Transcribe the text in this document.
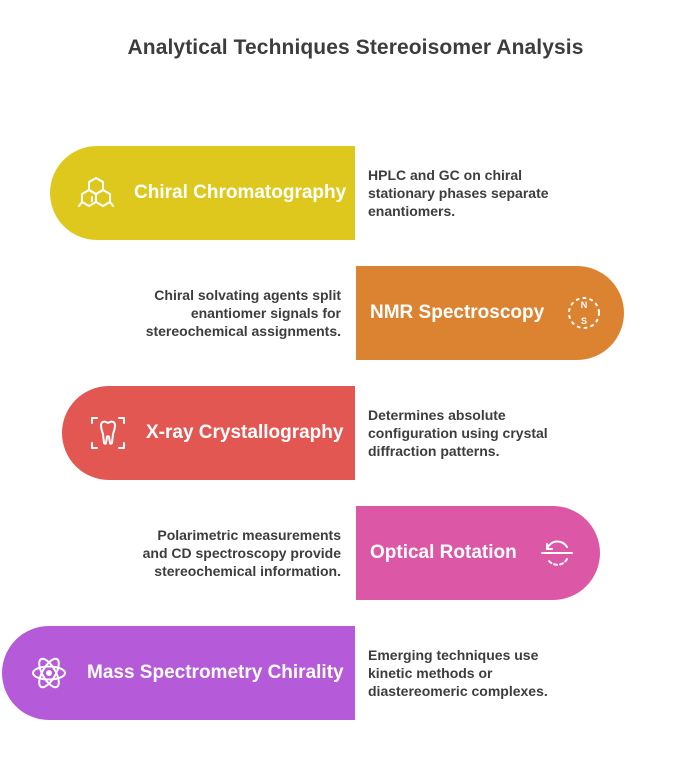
Analytical Techniques Stereoisomer Analysis
Chiral Chromatography
HPLC and GC on chiral
stationary phases separate
enantiomers.
Chiral solvating agents split
enantiomer signals for
stereochemical assignments.
NMR Spectroscopy	N
S
X-ray Crystallography
Determines absolute
configuration using crystal
diffraction patterns.
Polarimetric measurements
and CD spectroscopy provide
stereochemical information.
Optical Rotation
Mass Spectrometry Chirality
Emerging techniques use
kinetic methods or
diastereomeric complexes.
